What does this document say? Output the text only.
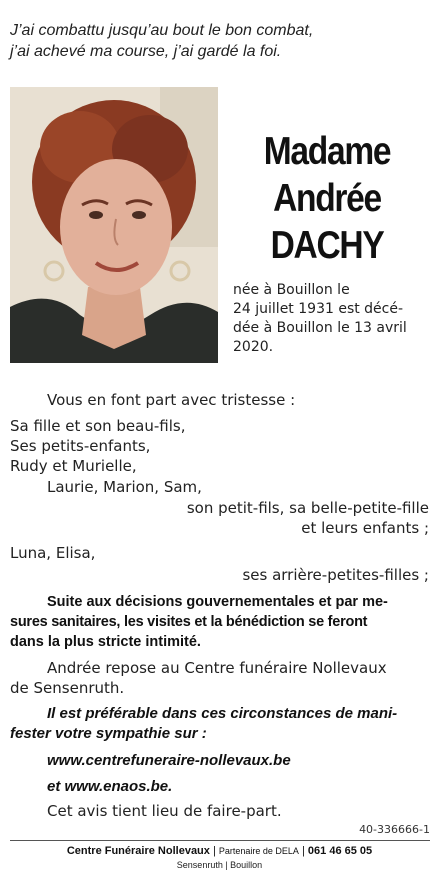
J’ai combattu jusqu’au bout le bon combat,
j’ai achevé ma course, j’ai gardé la foi.
Madame
Andrée
DACHY
née à Bouillon le
24 juillet 1931 est décé-
dée à Bouillon le 13 avril
2020.
Vous en font part avec tristesse :
Sa fille et son beau-fils,
Ses petits-enfants,
Rudy et Murielle,
Laurie, Marion, Sam,
son petit-fils, sa belle-petite-fille
et leurs enfants ;
Luna, Elisa,
ses arrière-petites-filles ;
Suite aux décisions gouvernementales et par me-
sures sanitaires, les visites et la bénédiction se feront
dans la plus stricte intimité.
Andrée repose au Centre funéraire Nollevaux
de Sensenruth.
Il est préférable dans ces circonstances de mani-
fester votre sympathie sur :
www.centrefuneraire-nollevaux.be
et www.enaos.be.
Cet avis tient lieu de faire-part.
40-336666-1
Centre Funéraire Nollevaux | Partenaire de DELA | 061 46 65 05
Sensenruth | Bouillon
